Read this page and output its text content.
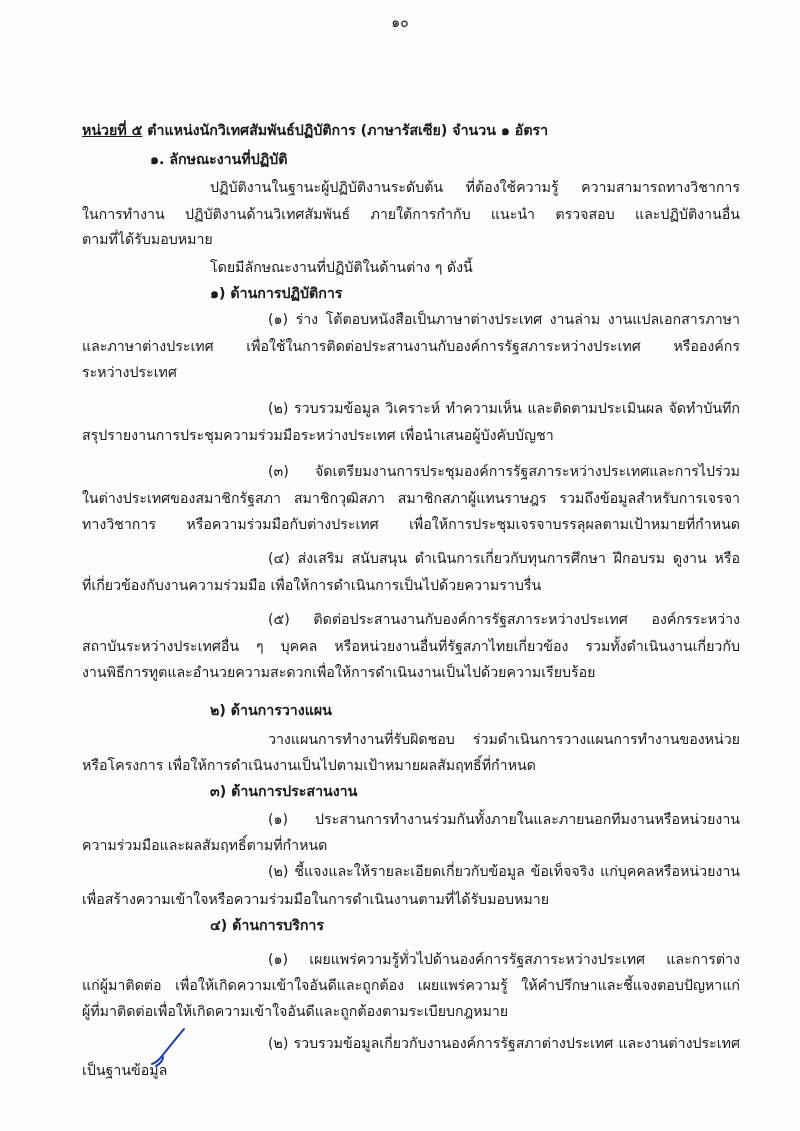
๑๐
หน่วยที่ ๕ ตำแหน่งนักวิเทศสัมพันธ์ปฏิบัติการ (ภาษารัสเซีย) จำนวน ๑ อัตรา
๑. ลักษณะงานที่ปฏิบัติ
ปฏิบัติงานในฐานะผู้ปฏิบัติงานระดับต้น ที่ต้องใช้ความรู้ ความสามารถทางวิชาการ
ในการทำงาน ปฏิบัติงานด้านวิเทศสัมพันธ์ ภายใต้การกำกับ แนะนำ ตรวจสอบ และปฏิบัติงานอื่น
ตามที่ได้รับมอบหมาย
โดยมีลักษณะงานที่ปฏิบัติในด้านต่าง ๆ ดังนี้
๑) ด้านการปฏิบัติการ
(๑) ร่าง โต้ตอบหนังสือเป็นภาษาต่างประเทศ งานล่าม งานแปลเอกสารภาษา
และภาษาต่างประเทศ เพื่อใช้ในการติดต่อประสานงานกับองค์การรัฐสภาระหว่างประเทศ หรือองค์กร
ระหว่างประเทศ
(๒) รวบรวมข้อมูล วิเคราะห์ ทำความเห็น และติดตามประเมินผล จัดทำบันทึก
สรุปรายงานการประชุมความร่วมมือระหว่างประเทศ เพื่อนำเสนอผู้บังคับบัญชา
(๓) จัดเตรียมงานการประชุมองค์การรัฐสภาระหว่างประเทศและการไปร่วม
ในต่างประเทศของสมาชิกรัฐสภา สมาชิกวุฒิสภา สมาชิกสภาผู้แทนราษฎร รวมถึงข้อมูลสำหรับการเจรจา
ทางวิชาการ หรือความร่วมมือกับต่างประเทศ เพื่อให้การประชุมเจรจาบรรลุผลตามเป้าหมายที่กำหนด
(๔) ส่งเสริม สนับสนุน ดำเนินการเกี่ยวกับทุนการศึกษา ฝึกอบรม ดูงาน หรือ
ที่เกี่ยวข้องกับงานความร่วมมือ เพื่อให้การดำเนินการเป็นไปด้วยความราบรื่น
(๕) ติดต่อประสานงานกับองค์การรัฐสภาระหว่างประเทศ องค์กรระหว่าง
สถาบันระหว่างประเทศอื่น ๆ บุคคล หรือหน่วยงานอื่นที่รัฐสภาไทยเกี่ยวข้อง รวมทั้งดำเนินงานเกี่ยวกับ
งานพิธีการทูตและอำนวยความสะดวกเพื่อให้การดำเนินงานเป็นไปด้วยความเรียบร้อย
๒) ด้านการวางแผน
วางแผนการทำงานที่รับผิดชอบ ร่วมดำเนินการวางแผนการทำงานของหน่วย
หรือโครงการ เพื่อให้การดำเนินงานเป็นไปตามเป้าหมายผลสัมฤทธิ์ที่กำหนด
๓) ด้านการประสานงาน
(๑) ประสานการทำงานร่วมกันทั้งภายในและภายนอกทีมงานหรือหน่วยงาน
ความร่วมมือและผลสัมฤทธิ์ตามที่กำหนด
(๒) ชี้แจงและให้รายละเอียดเกี่ยวกับข้อมูล ข้อเท็จจริง แก่บุคคลหรือหน่วยงาน
เพื่อสร้างความเข้าใจหรือความร่วมมือในการดำเนินงานตามที่ได้รับมอบหมาย
๔) ด้านการบริการ
(๑) เผยแพร่ความรู้ทั่วไปด้านองค์การรัฐสภาระหว่างประเทศ และการต่าง
แก่ผู้มาติดต่อ เพื่อให้เกิดความเข้าใจอันดีและถูกต้อง เผยแพร่ความรู้ ให้คำปรึกษาและชี้แจงตอบปัญหาแก่
ผู้ที่มาติดต่อเพื่อให้เกิดความเข้าใจอันดีและถูกต้องตามระเบียบกฎหมาย
(๒) รวบรวมข้อมูลเกี่ยวกับงานองค์การรัฐสภาต่างประเทศ และงานต่างประเทศ
เป็นฐานข้อมูล
